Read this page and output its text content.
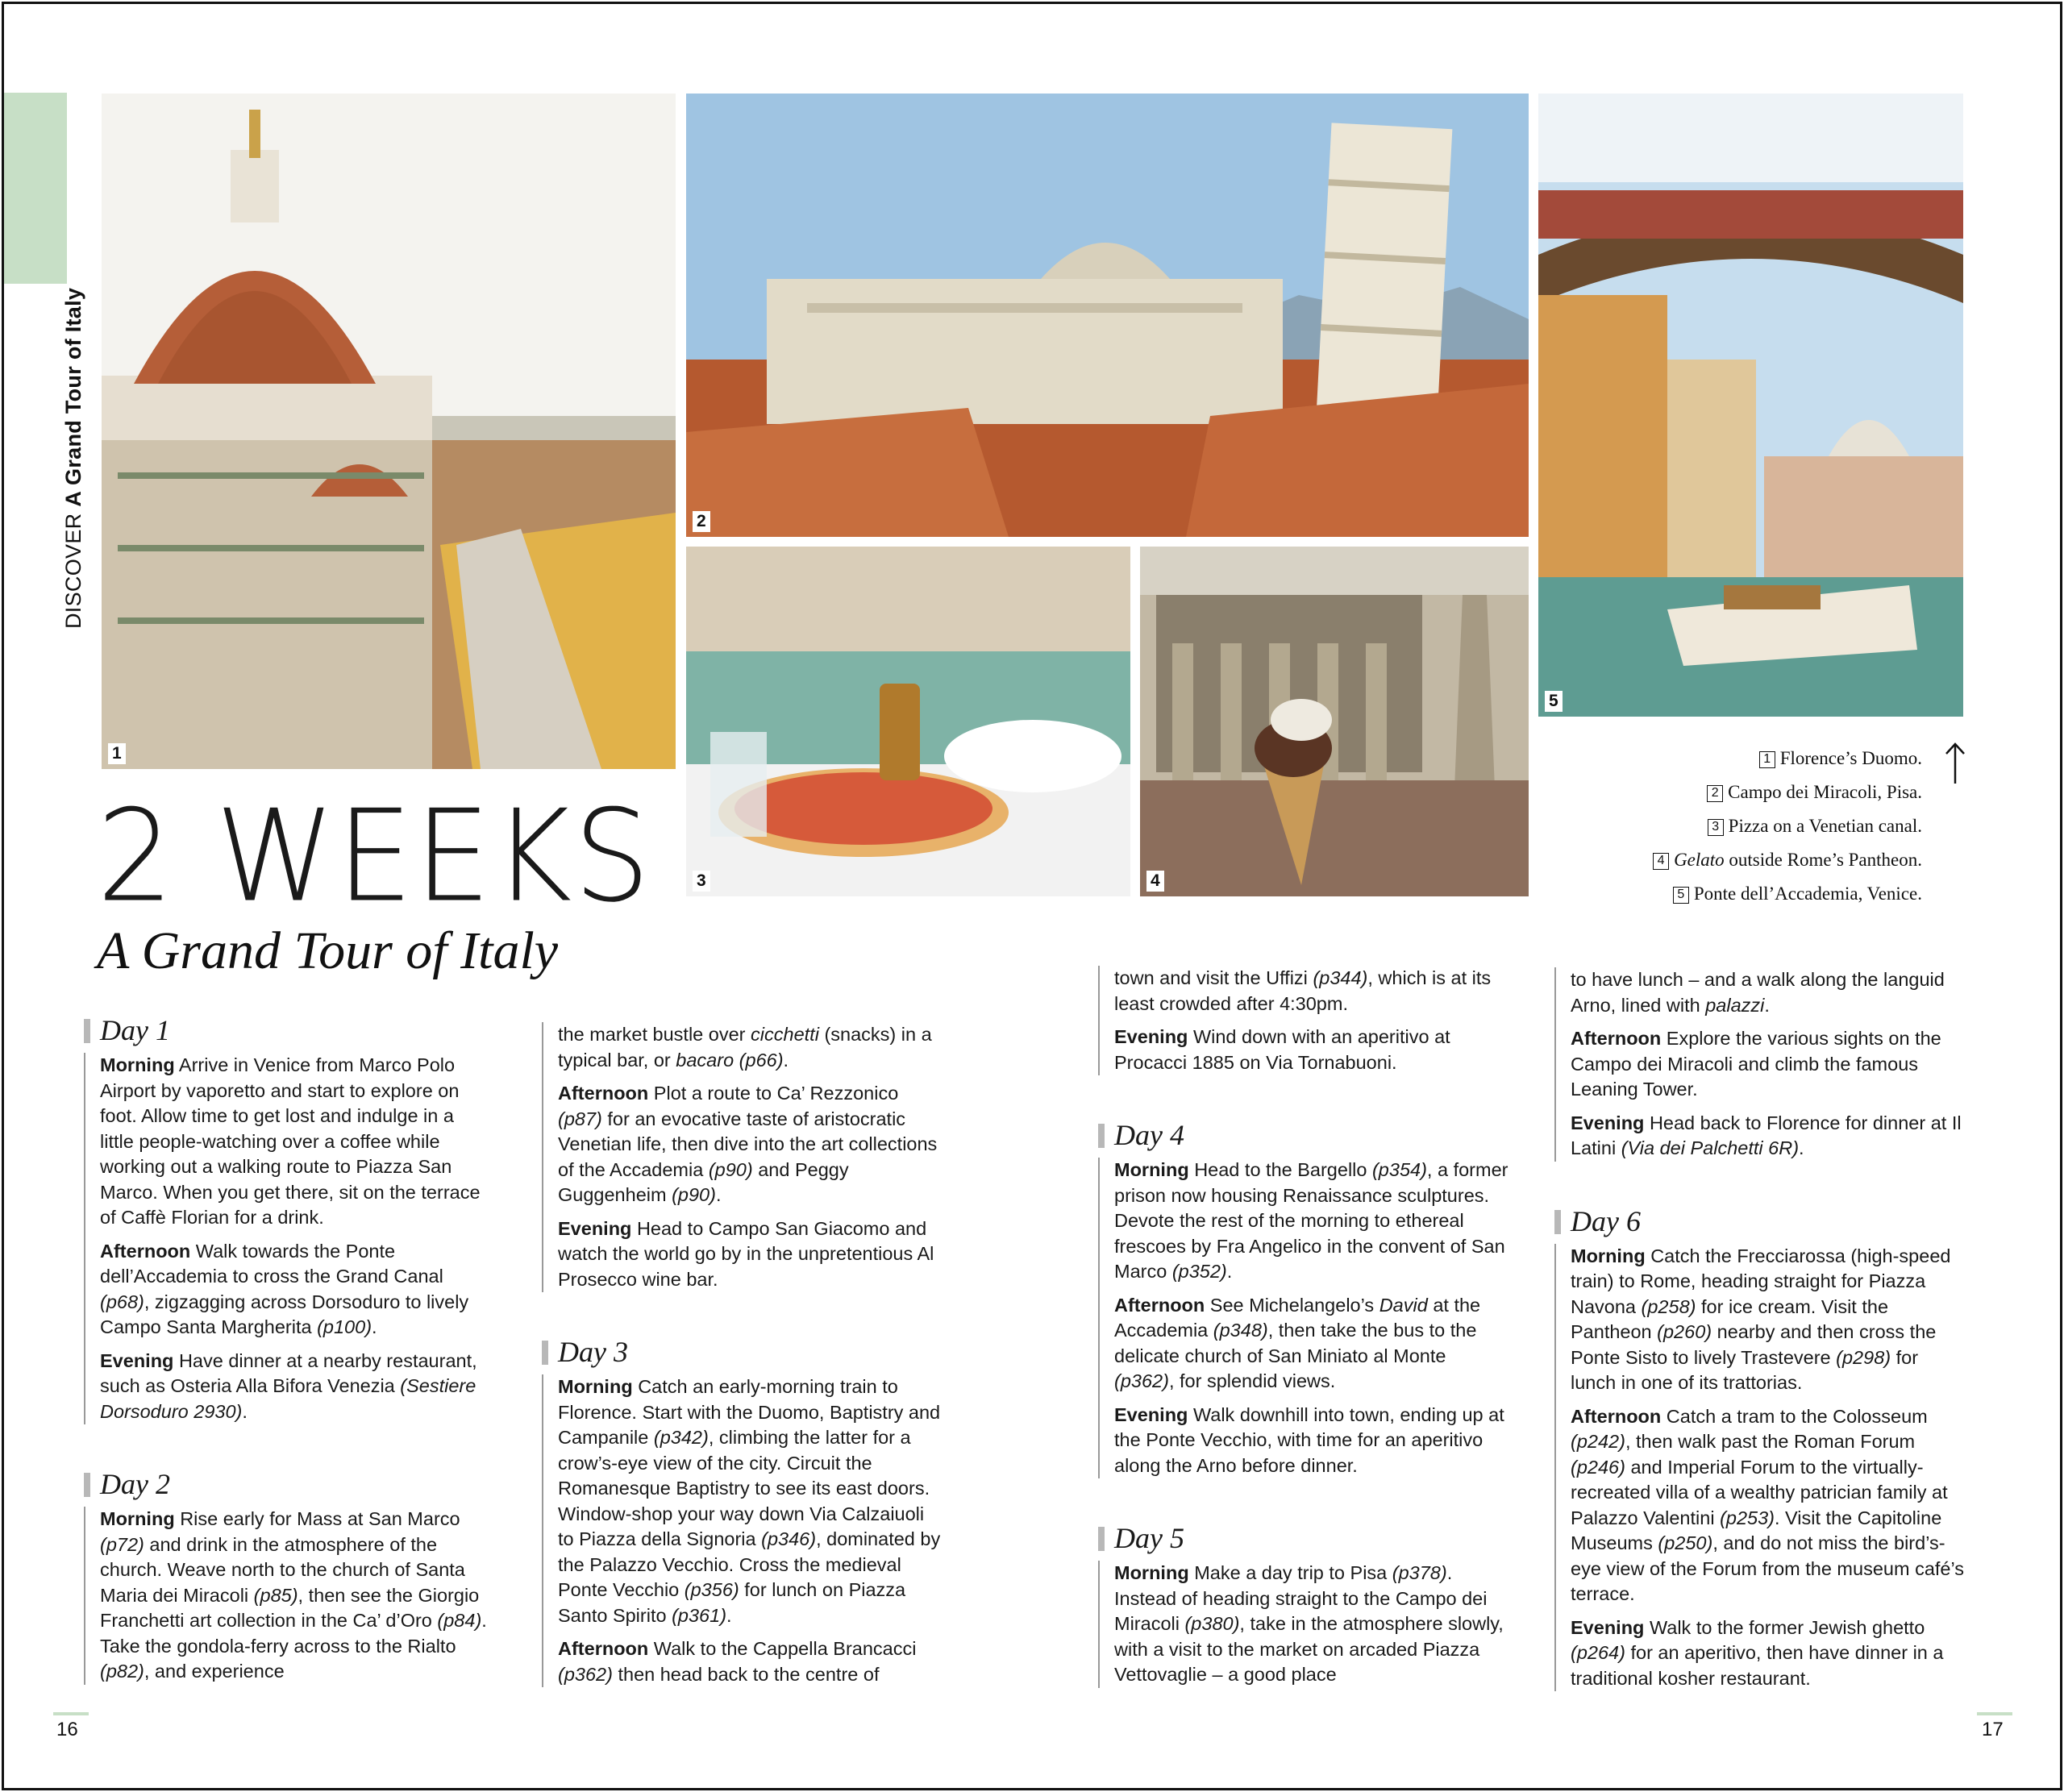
DISCOVERA Grand Tour of Italy
1
2
3	4
5
1 Florence’s Duomo.
2 Campo dei Miracoli, Pisa.
3 Pizza on a Venetian canal.
4 Gelato outside Rome’s Pantheon.
5 Ponte dell’Accademia, Venice.
2 WEEKS
A Grand Tour of Italy
Day 1

Morning Arrive in Venice from Marco Polo Airport by vaporetto and start to explore on foot. Allow time to get lost and indulge in a little people-watching over a coffee while working out a walking route to Piazza San Marco. When you get there, sit on the terrace of Caffè Florian for a drink.

Afternoon Walk towards the Ponte dell’Accademia to cross the Grand Canal (p68), zigzagging across Dorsoduro to lively Campo Santa Margherita (p100).

Evening Have dinner at a nearby restaurant, such as Osteria Alla Bifora Venezia (Sestiere Dorsoduro 2930).

Day 2

Morning Rise early for Mass at San Marco (p72) and drink in the atmosphere of the church. Weave north to the church of Santa Maria dei Miracoli (p85), then see the Giorgio Franchetti art collection in the Ca’ d’Oro (p84). Take the gondola-ferry across to the Rialto (p82), and experience

the market bustle over cicchetti (snacks) in a typical bar, or bacaro (p66).

Afternoon Plot a route to Ca’ Rezzonico (p87) for an evocative taste of aristocratic Venetian life, then dive into the art collections of the Accademia (p90) and Peggy Guggenheim (p90).

Evening Head to Campo San Giacomo and watch the world go by in the unpretentious Al Prosecco wine bar.

Day 3

Morning Catch an early-morning train to Florence. Start with the Duomo, Baptistry and Campanile (p342), climbing the latter for a crow’s-eye view of the city. Circuit the Romanesque Baptistry to see its east doors. Window-shop your way down Via Calzaiuoli to Piazza della Signoria (p346), dominated by the Palazzo Vecchio. Cross the medieval Ponte Vecchio (p356) for lunch on Piazza Santo Spirito (p361).

Afternoon Walk to the Cappella Brancacci (p362) then head back to the centre of

town and visit the Uffizi (p344), which is at its least crowded after 4:30pm.

Evening Wind down with an aperitivo at Procacci 1885 on Via Tornabuoni.

Day 4

Morning Head to the Bargello (p354), a former prison now housing Renaissance sculptures. Devote the rest of the morning to ethereal frescoes by Fra Angelico in the convent of San Marco (p352).

Afternoon See Michelangelo’s David at the Accademia (p348), then take the bus to the delicate church of San Miniato al Monte (p362), for splendid views.

Evening Walk downhill into town, ending up at the Ponte Vecchio, with time for an aperitivo along the Arno before dinner.

Day 5

Morning Make a day trip to Pisa (p378). Instead of heading straight to the Campo dei Miracoli (p380), take in the atmosphere slowly, with a visit to the market on arcaded Piazza Vettovaglie – a good place

to have lunch – and a walk along the languid Arno, lined with palazzi.

Afternoon Explore the various sights on the Campo dei Miracoli and climb the famous Leaning Tower.

Evening Head back to Florence for dinner at Il Latini (Via dei Palchetti 6R).

Day 6

Morning Catch the Frecciarossa (high-speed train) to Rome, heading straight for Piazza Navona (p258) for ice cream. Visit the Pantheon (p260) nearby and then cross the Ponte Sisto to lively Trastevere (p298) for lunch in one of its trattorias.

Afternoon Catch a tram to the Colosseum (p242), then walk past the Roman Forum (p246) and Imperial Forum to the virtually-recreated villa of a wealthy patrician family at Palazzo Valentini (p253). Visit the Capitoline Museums (p250), and do not miss the bird’s-eye view of the Forum from the museum café’s terrace.

Evening Walk to the former Jewish ghetto (p264) for an aperitivo, then have dinner in a traditional kosher restaurant.

16	17
